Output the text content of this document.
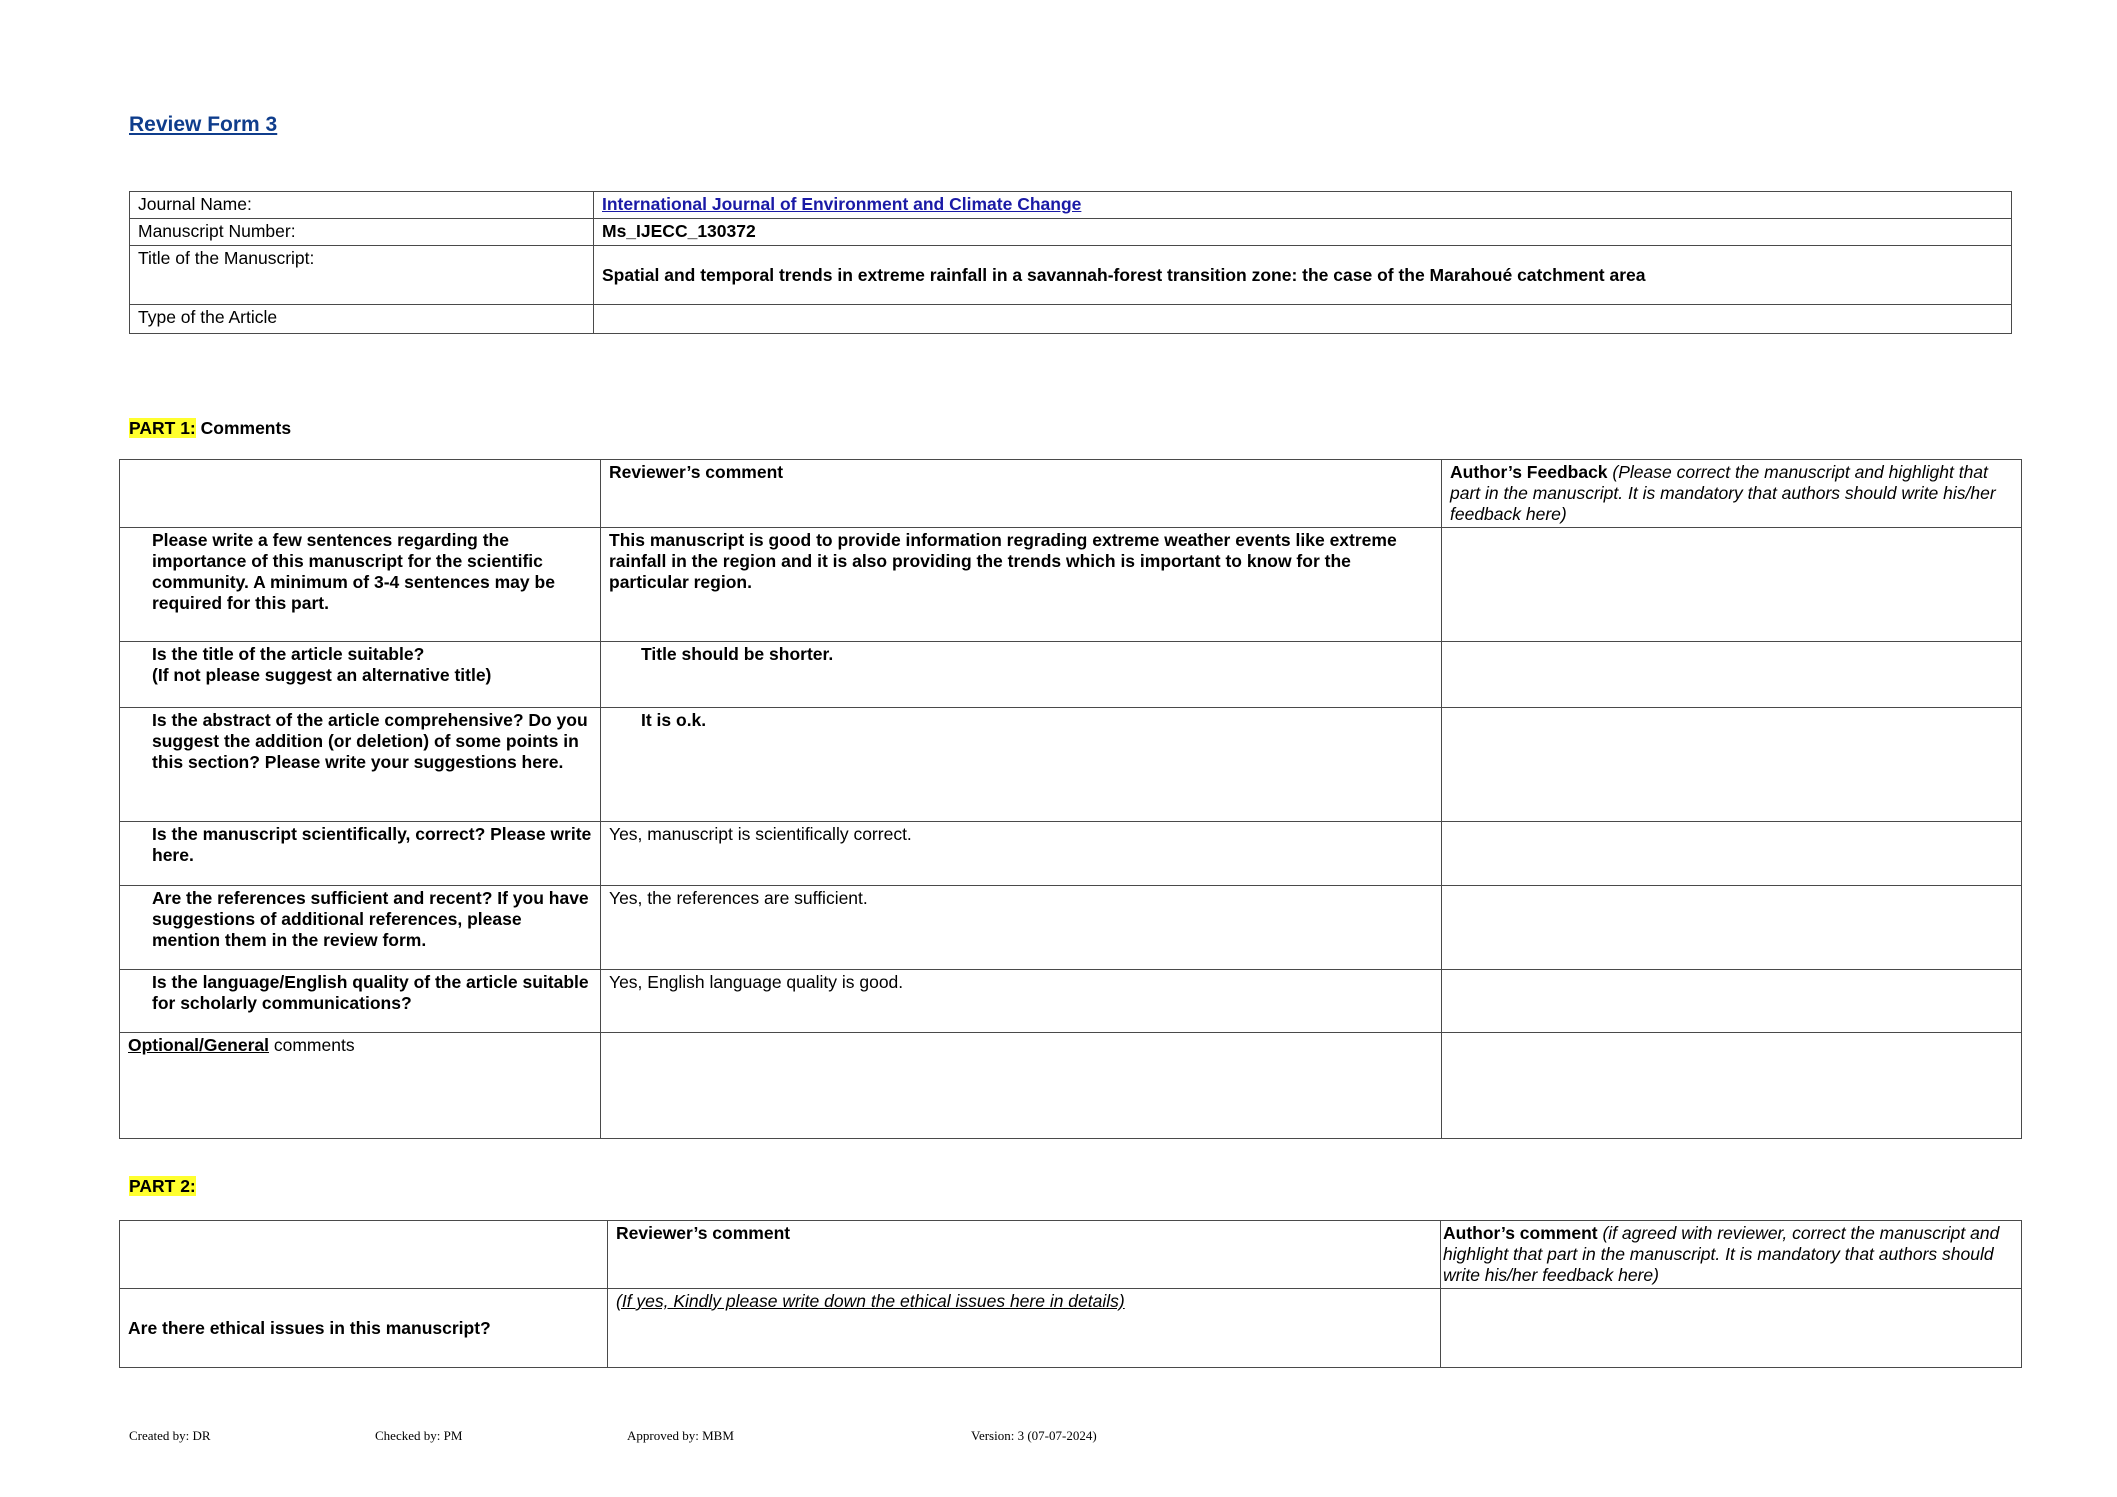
Review Form 3
Journal Name:	International Journal of Environment and Climate Change
Manuscript Number:	Ms_IJECC_130372
Title of the Manuscript:	Spatial and temporal trends in extreme rainfall in a savannah-forest transition zone: the case of the Marahoué catchment area
Type of the Article	
PART 1: Comments
	Reviewer’s comment	Author’s Feedback (Please correct the manuscript and highlight that part in the manuscript. It is mandatory that authors should write his/her feedback here)
Please write a few sentences regarding the importance of this manuscript for the scientific community. A minimum of 3-4 sentences may be required for this part.	This manuscript is good to provide information regrading extreme weather events like extreme rainfall in the region and it is also providing the trends which is important to know for the particular region.	

Is the title of the article suitable?
(If not please suggest an alternative title)	Title should be shorter.	
Is the abstract of the article comprehensive? Do you suggest the addition (or deletion) of some points in this section? Please write your suggestions here.	It is o.k.	
Is the manuscript scientifically, correct? Please write here.	Yes, manuscript is scientifically correct.	
Are the references sufficient and recent? If you have suggestions of additional references, please mention them in the review form.	Yes, the references are sufficient.	
Is the language/English quality of the article suitable for scholarly communications?	Yes, English language quality is good.	
Optional/General comments		
PART 2:
	Reviewer’s comment	Author’s comment (if agreed with reviewer, correct the manuscript and highlight that part in the manuscript. It is mandatory that authors should write his/her feedback here)
Are there ethical issues in this manuscript?	(If yes, Kindly please write down the ethical issues here in details)	
Created by: DR	Checked by: PM	Approved by: MBM	Version: 3 (07-07-2024)
